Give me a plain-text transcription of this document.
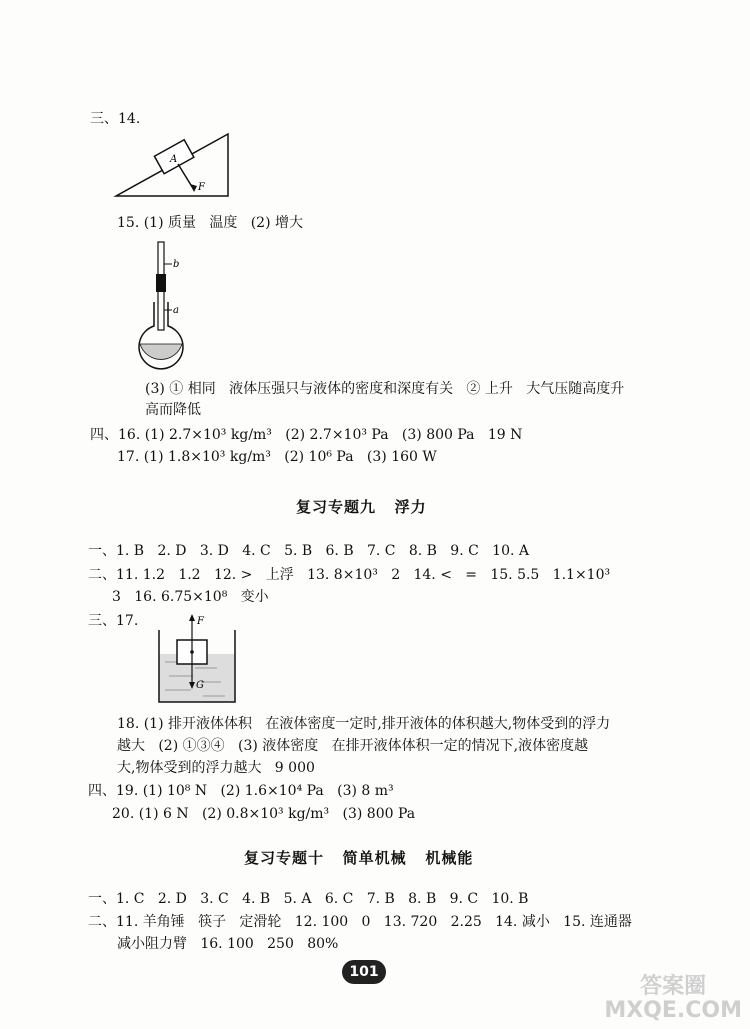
三、14.
A
F
15. (1) 质量   温度   (2) 增大
b
a
(3) ① 相同   液体压强只与液体的密度和深度有关   ② 上升   大气压随高度升
高而降低
四、16. (1) 2.7×10³ kg/m³   (2) 2.7×10³ Pa   (3) 800 Pa   19 N
17. (1) 1.8×10³ kg/m³   (2) 10⁶ Pa   (3) 160 W
复习专题九   浮力
一、1. B   2. D   3. D   4. C   5. B   6. B   7. C   8. B   9. C   10. A
二、11. 1.2   1.2   12. >   上浮   13. 8×10³   2   14. <   =   15. 5.5   1.1×10³
3   16. 6.75×10⁸   变小
三、17.	F
G
18. (1) 排开液体体积   在液体密度一定时,排开液体的体积越大,物体受到的浮力
越大   (2) ①③④   (3) 液体密度   在排开液体体积一定的情况下,液体密度越
大,物体受到的浮力越大   9 000
四、19. (1) 10⁸ N   (2) 1.6×10⁴ Pa   (3) 8 m³
20. (1) 6 N   (2) 0.8×10³ kg/m³   (3) 800 Pa
复习专题十   简单机械   机械能
一、1. C   2. D   3. C   4. B   5. A   6. C   7. B   8. B   9. C   10. B
二、11. 羊角锤   筷子   定滑轮   12. 100   0   13. 720   2.25   14. 减小   15. 连通器
减小阻力臂   16. 100   250   80%
101
答案圈
MXQE.COM
